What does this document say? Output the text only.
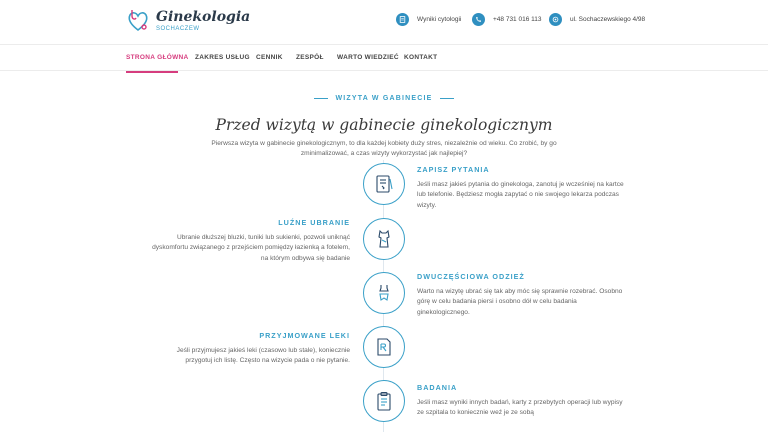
Ginekologia
SOCHACZEW
Wyniki cytologii	+48 731 016 113	ul. Sochaczewskiego 4/98
STRONA GŁÓWNA ZAKRES USŁUG CENNIK ZESPÓŁ WARTO WIEDZIEĆ KONTAKT
WIZYTA W GABINECIE
Przed wizytą w gabinecie ginekologicznym
Pierwsza wizyta w gabinecie ginekologicznym, to dla każdej kobiety duży stres, niezależnie od wieku. Co zrobić, by go zminimalizować, a czas wizyty wykorzystać jak najlepiej?
ZAPISZ PYTANIA

Jeśli masz jakieś pytania do ginekologa, zanotuj je wcześniej na kartce lub telefonie. Będziesz mogła zapytać o nie swojego lekarza podczas wizyty.

LUŹNE UBRANIE

Ubranie dłuższej bluzki, tuniki lub sukienki, pozwoli uniknąć dyskomfortu związanego z przejściem pomiędzy łazienką a fotelem, na którym odbywa się badanie

DWUCZĘŚCIOWA ODZIEŻ

Warto na wizytę ubrać się tak aby móc się sprawnie rozebrać. Osobno górę w celu badania piersi i osobno dół w celu badania ginekologicznego.

PRZYJMOWANE LEKI

Jeśli przyjmujesz jakieś leki (czasowo lub stale), koniecznie przygotuj ich listę. Często na wizycie pada o nie pytanie.

BADANIA

Jeśli masz wyniki innych badań, karty z przebytych operacji lub wypisy ze szpitala to koniecznie weź je ze sobą
